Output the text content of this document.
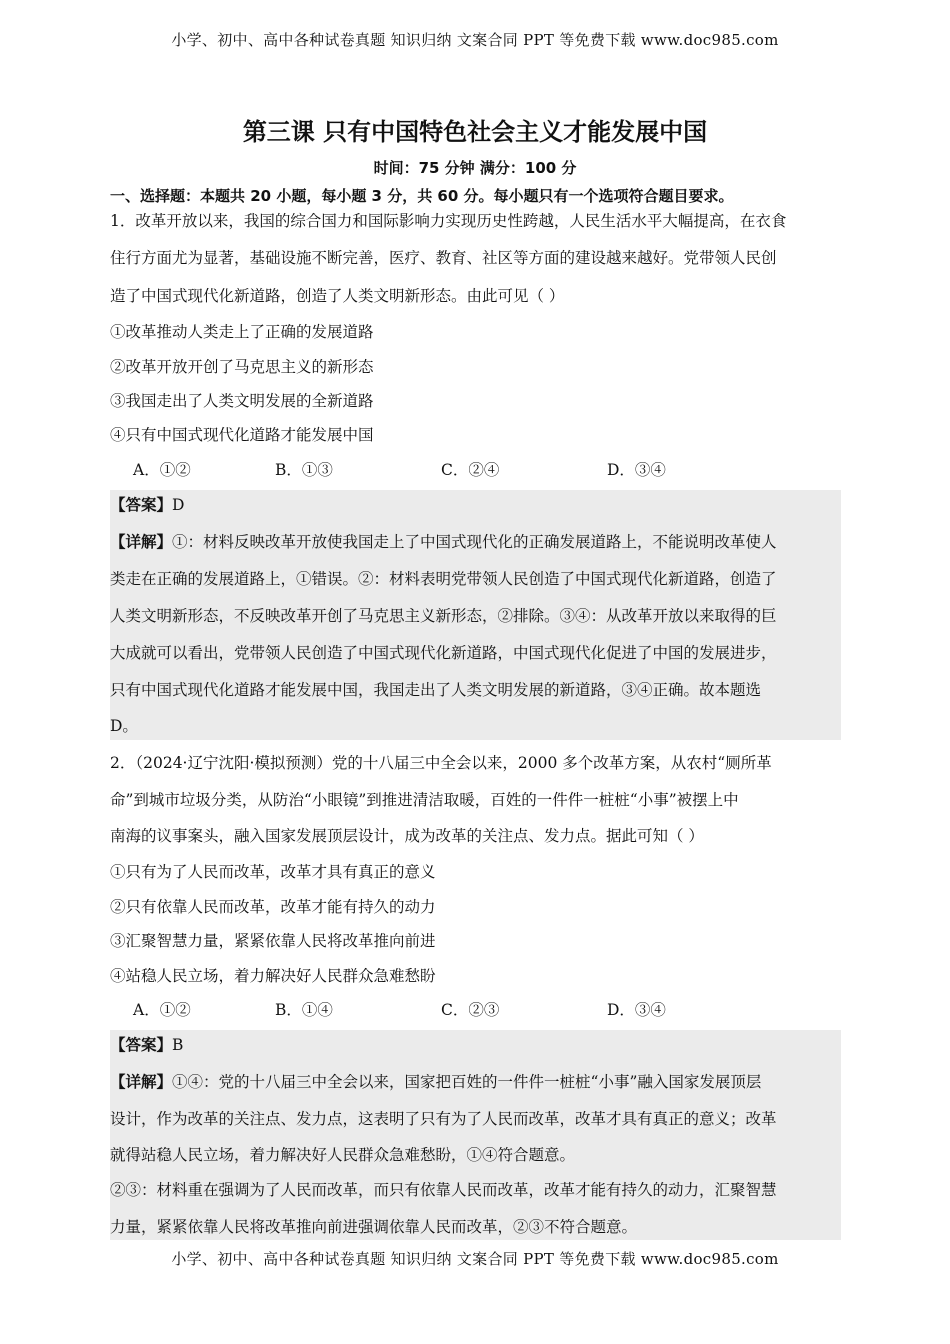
小学、初中、高中各种试卷真题 知识归纳 文案合同 PPT 等免费下载 www.doc985.com
第三课 只有中国特色社会主义才能发展中国
时间：75 分钟 满分：100 分
一、选择题：本题共 20 小题，每小题 3 分，共 60 分。每小题只有一个选项符合题目要求。
1．改革开放以来，我国的综合国力和国际影响力实现历史性跨越，人民生活水平大幅提高，在衣食
住行方面尤为显著，基础设施不断完善，医疗、教育、社区等方面的建设越来越好。党带领人民创
造了中国式现代化新道路，创造了人类文明新形态。由此可见（ ）
①改革推动人类走上了正确的发展道路
②改革开放开创了马克思主义的新形态
③我国走出了人类文明发展的全新道路
④只有中国式现代化道路才能发展中国
A．①②	B．①③	C．②④	D．③④
【答案】D
【详解】①：材料反映改革开放使我国走上了中国式现代化的正确发展道路上，不能说明改革使人
类走在正确的发展道路上，①错误。②：材料表明党带领人民创造了中国式现代化新道路，创造了
人类文明新形态，不反映改革开创了马克思主义新形态，②排除。③④：从改革开放以来取得的巨
大成就可以看出，党带领人民创造了中国式现代化新道路，中国式现代化促进了中国的发展进步，
只有中国式现代化道路才能发展中国，我国走出了人类文明发展的新道路，③④正确。故本题选
D。
2．（2024·辽宁沈阳·模拟预测）党的十八届三中全会以来，2000 多个改革方案，从农村“厕所革
命”到城市垃圾分类，从防治“小眼镜”到推进清洁取暖，百姓的一件件一桩桩“小事”被摆上中
南海的议事案头，融入国家发展顶层设计，成为改革的关注点、发力点。据此可知（ ）
①只有为了人民而改革，改革才具有真正的意义
②只有依靠人民而改革，改革才能有持久的动力
③汇聚智慧力量，紧紧依靠人民将改革推向前进
④站稳人民立场，着力解决好人民群众急难愁盼
A．①②	B．①④	C．②③	D．③④
【答案】B
【详解】①④：党的十八届三中全会以来，国家把百姓的一件件一桩桩“小事”融入国家发展顶层
设计，作为改革的关注点、发力点，这表明了只有为了人民而改革，改革才具有真正的意义；改革
就得站稳人民立场，着力解决好人民群众急难愁盼，①④符合题意。
②③：材料重在强调为了人民而改革，而只有依靠人民而改革，改革才能有持久的动力，汇聚智慧
力量，紧紧依靠人民将改革推向前进强调依靠人民而改革，②③不符合题意。
小学、初中、高中各种试卷真题 知识归纳 文案合同 PPT 等免费下载 www.doc985.com
